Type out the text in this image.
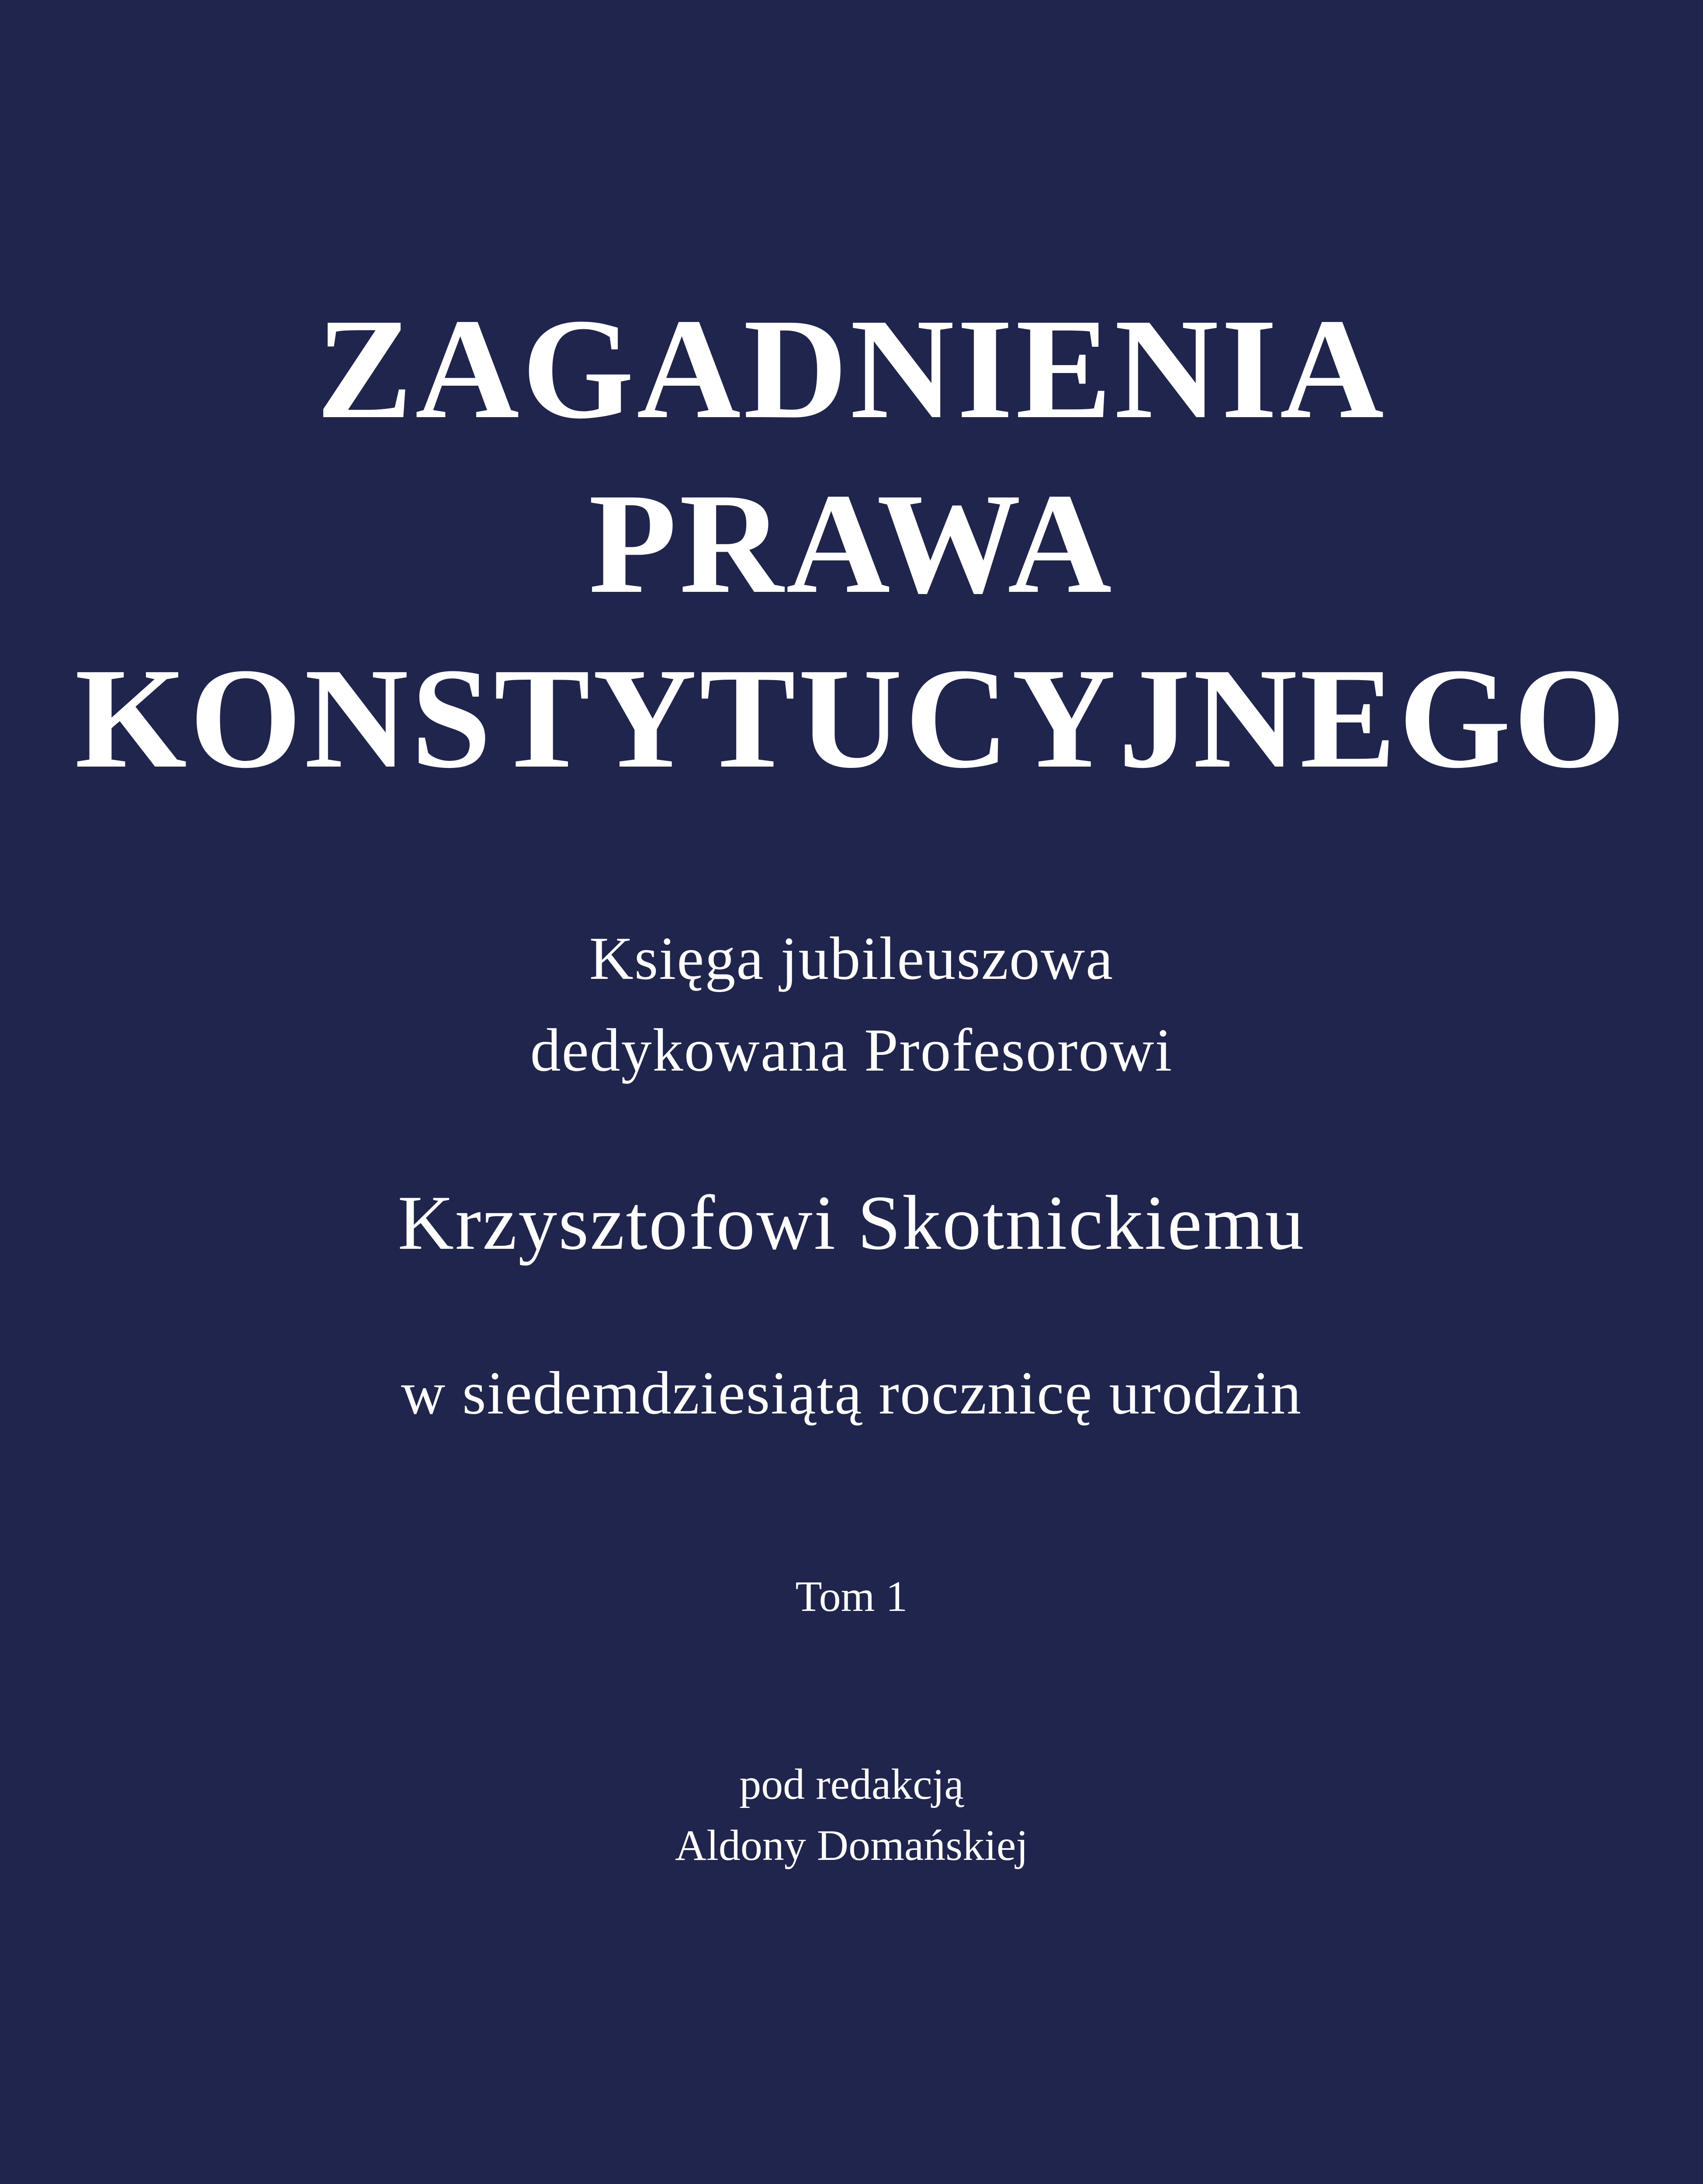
ZAGADNIENIA
PRAWA
KONSTYTUCYJNEGO
Księga jubileuszowa
dedykowana Profesorowi
Krzysztofowi Skotnickiemu
w siedemdziesiątą rocznicę urodzin
Tom 1
pod redakcją
Aldony Domańskiej
